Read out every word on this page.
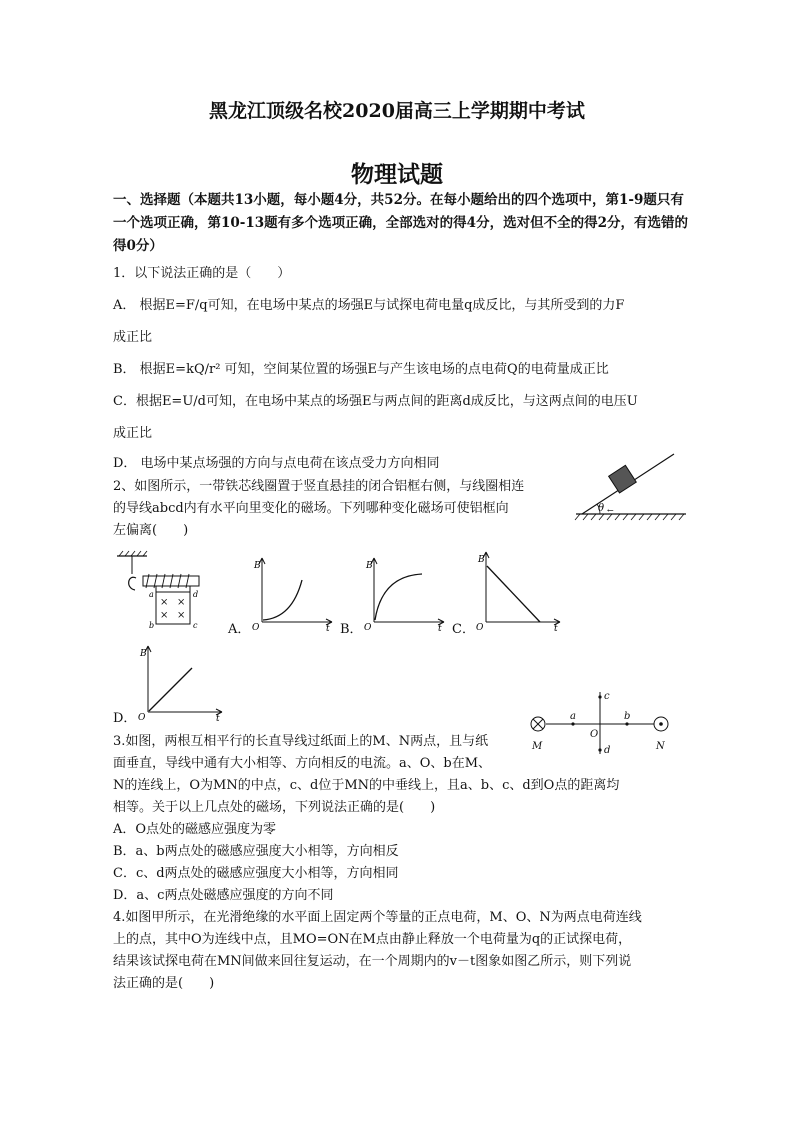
黑龙江顶级名校2020届高三上学期期中考试
物理试题

一、选择题（本题共13小题，每小题4分，共52分。在每小题给出的四个选项中，第1-9题只有一个选项正确，第10-13题有多个选项正确，全部选对的得4分，选对但不全的得2分，有选错的得0分）

1．以下说法正确的是（　　）

A． 根据E=F/q可知，在电场中某点的场强E与试探电荷电量q成反比，与其所受到的力F

成正比

B． 根据E=kQ/r² 可知，空间某位置的场强E与产生该电场的点电荷Q的电荷量成正比

C．根据E=U/d可知，在电场中某点的场强E与两点间的距离d成反比，与这两点间的电压U

成正比

D． 电场中某点场强的方向与点电荷在该点受力方向相同

θ ←

2、如图所示，一带铁芯线圈置于竖直悬挂的闭合铝框右侧，与线圈相连

的导线abcd内有水平向里变化的磁场。下列哪种变化磁场可使铝框向

左偏离(　　)

× ×
× ×
a	d
b	c A．

B
O	t B．

B
O	t C．

B
O	t

D．

B
O	t
M	N
O
a	b
c
d

3.如图，两根互相平行的长直导线过纸面上的M、N两点，且与纸

面垂直，导线中通有大小相等、方向相反的电流。a、O、b在M、

N的连线上，O为MN的中点，c、d位于MN的中垂线上，且a、b、c、d到O点的距离均

相等。关于以上几点处的磁场，下列说法正确的是(　　)

A．O点处的磁感应强度为零

B．a、b两点处的磁感应强度大小相等，方向相反

C．c、d两点处的磁感应强度大小相等，方向相同

D．a、c两点处磁感应强度的方向不同

4.如图甲所示，在光滑绝缘的水平面上固定两个等量的正点电荷，M、O、N为两点电荷连线

上的点，其中O为连线中点，且MO=ON在M点由静止释放一个电荷量为q的正试探电荷，

结果该试探电荷在MN间做来回往复运动，在一个周期内的v－t图象如图乙所示，则下列说

法正确的是(　　)
